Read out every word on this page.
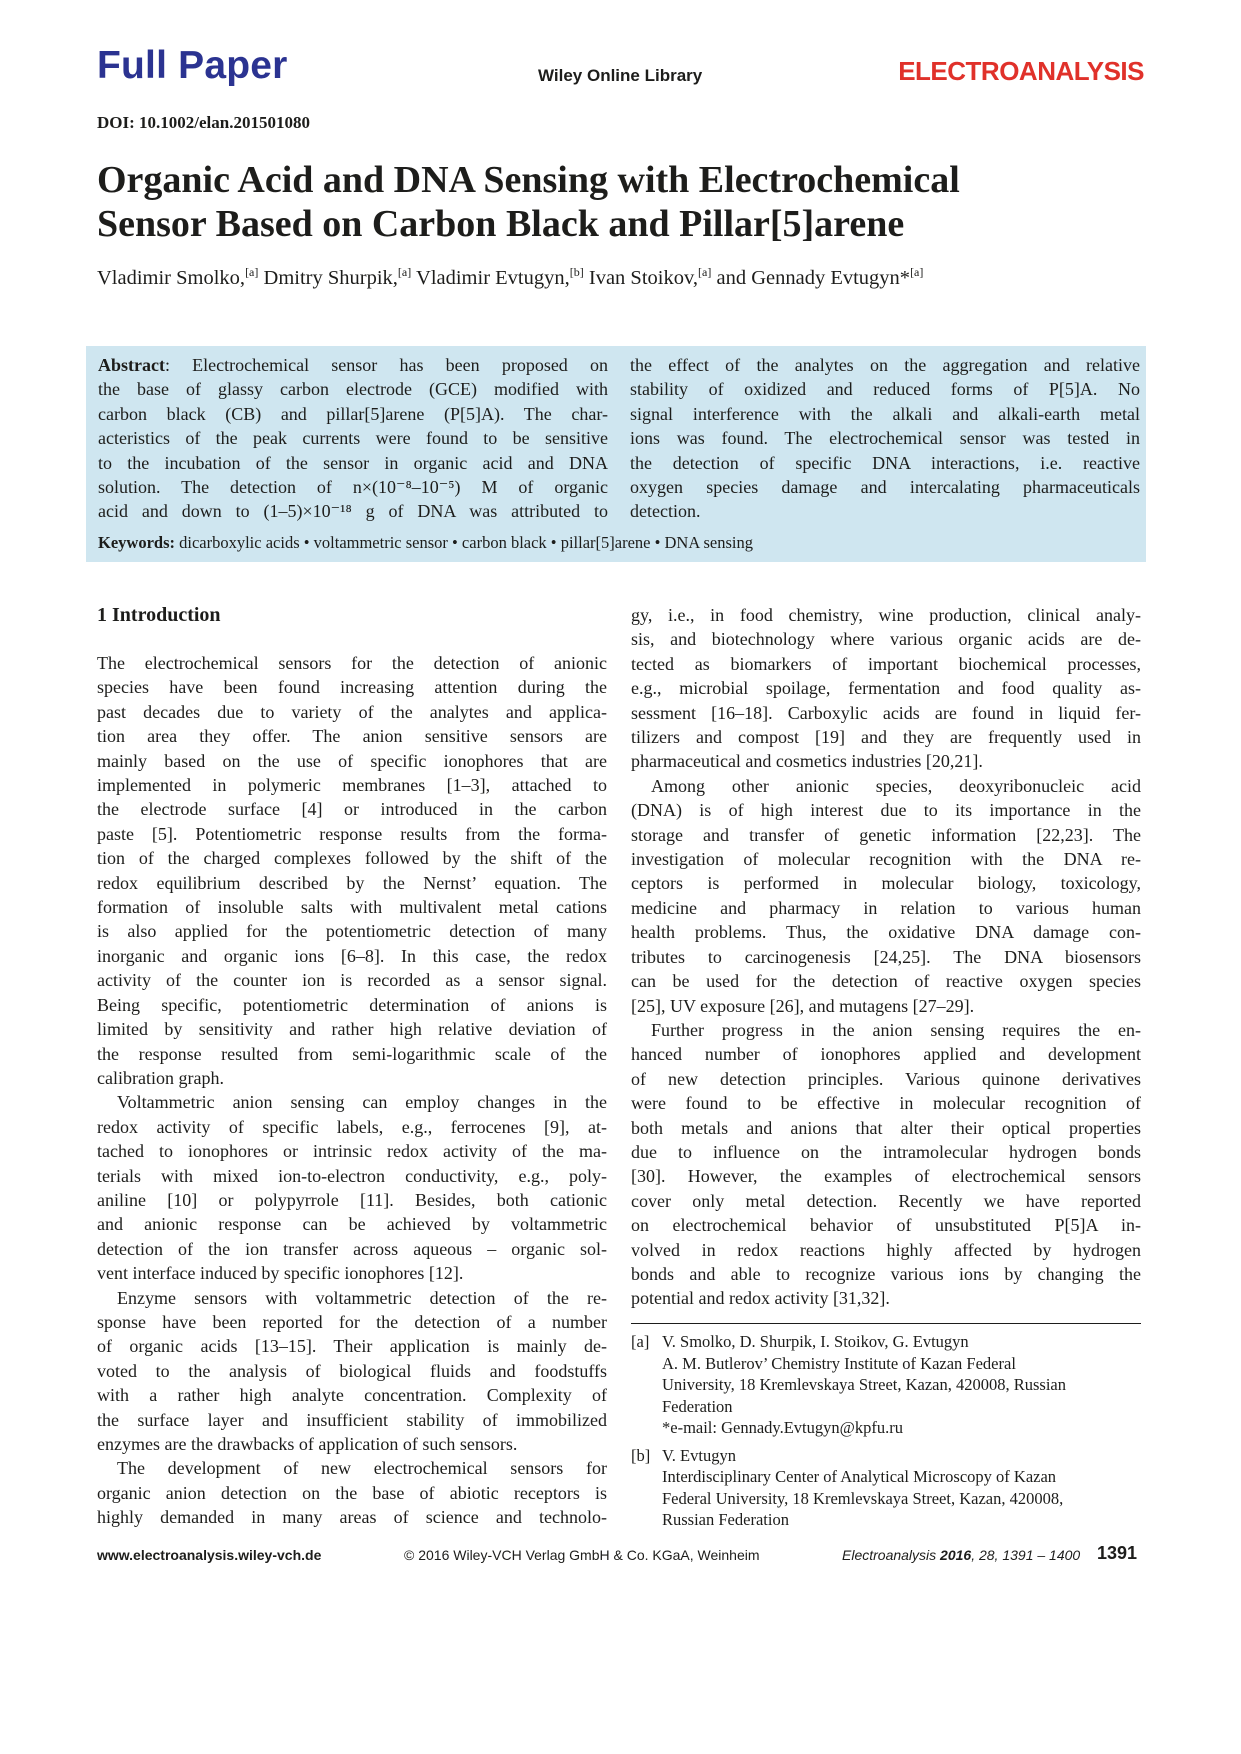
Full Paper	Wiley Online Library	ELECTROANALYSIS
DOI: 10.1002/elan.201501080
Organic Acid and DNA Sensing with Electrochemical
Sensor Based on Carbon Black and Pillar[5]arene
Vladimir Smolko,[a] Dmitry Shurpik,[a] Vladimir Evtugyn,[b] Ivan Stoikov,[a] and Gennady Evtugyn*[a]
Abstract: Electrochemical sensor has been proposed on
the base of glassy carbon electrode (GCE) modified with
carbon black (CB) and pillar[5]arene (P[5]A). The char-
acteristics of the peak currents were found to be sensitive
to the incubation of the sensor in organic acid and DNA
solution. The detection of n×(10⁻⁸–10⁻⁵) M of organic
acid and down to (1–5)×10⁻¹⁸ g of DNA was attributed to
the effect of the analytes on the aggregation and relative
stability of oxidized and reduced forms of P[5]A. No
signal interference with the alkali and alkali-earth metal
ions was found. The electrochemical sensor was tested in
the detection of specific DNA interactions, i.e. reactive
oxygen species damage and intercalating pharmaceuticals
detection.
Keywords: dicarboxylic acids • voltammetric sensor • carbon black • pillar[5]arene • DNA sensing
1 Introduction
The electrochemical sensors for the detection of anionic
species have been found increasing attention during the
past decades due to variety of the analytes and applica-
tion area they offer. The anion sensitive sensors are
mainly based on the use of specific ionophores that are
implemented in polymeric membranes [1–3], attached to
the electrode surface [4] or introduced in the carbon
paste [5]. Potentiometric response results from the forma-
tion of the charged complexes followed by the shift of the
redox equilibrium described by the Nernst’ equation. The
formation of insoluble salts with multivalent metal cations
is also applied for the potentiometric detection of many
inorganic and organic ions [6–8]. In this case, the redox
activity of the counter ion is recorded as a sensor signal.
Being specific, potentiometric determination of anions is
limited by sensitivity and rather high relative deviation of
the response resulted from semi-logarithmic scale of the
calibration graph.
Voltammetric anion sensing can employ changes in the
redox activity of specific labels, e.g., ferrocenes [9], at-
tached to ionophores or intrinsic redox activity of the ma-
terials with mixed ion-to-electron conductivity, e.g., poly-
aniline [10] or polypyrrole [11]. Besides, both cationic
and anionic response can be achieved by voltammetric
detection of the ion transfer across aqueous – organic sol-
vent interface induced by specific ionophores [12].
Enzyme sensors with voltammetric detection of the re-
sponse have been reported for the detection of a number
of organic acids [13–15]. Their application is mainly de-
voted to the analysis of biological fluids and foodstuffs
with a rather high analyte concentration. Complexity of
the surface layer and insufficient stability of immobilized
enzymes are the drawbacks of application of such sensors.
The development of new electrochemical sensors for
organic anion detection on the base of abiotic receptors is
highly demanded in many areas of science and technolo-
gy, i.e., in food chemistry, wine production, clinical analy-
sis, and biotechnology where various organic acids are de-
tected as biomarkers of important biochemical processes,
e.g., microbial spoilage, fermentation and food quality as-
sessment [16–18]. Carboxylic acids are found in liquid fer-
tilizers and compost [19] and they are frequently used in
pharmaceutical and cosmetics industries [20,21].
Among other anionic species, deoxyribonucleic acid
(DNA) is of high interest due to its importance in the
storage and transfer of genetic information [22,23]. The
investigation of molecular recognition with the DNA re-
ceptors is performed in molecular biology, toxicology,
medicine and pharmacy in relation to various human
health problems. Thus, the oxidative DNA damage con-
tributes to carcinogenesis [24,25]. The DNA biosensors
can be used for the detection of reactive oxygen species
[25], UV exposure [26], and mutagens [27–29].
Further progress in the anion sensing requires the en-
hanced number of ionophores applied and development
of new detection principles. Various quinone derivatives
were found to be effective in molecular recognition of
both metals and anions that alter their optical properties
due to influence on the intramolecular hydrogen bonds
[30]. However, the examples of electrochemical sensors
cover only metal detection. Recently we have reported
on electrochemical behavior of unsubstituted P[5]A in-
volved in redox reactions highly affected by hydrogen
bonds and able to recognize various ions by changing the
potential and redox activity [31,32].
[a] V. Smolko, D. Shurpik, I. Stoikov, G. Evtugyn
A. M. Butlerov’ Chemistry Institute of Kazan Federal
University, 18 Kremlevskaya Street, Kazan, 420008, Russian
Federation
*e-mail: Gennady.Evtugyn@kpfu.ru
[b] V. Evtugyn
Interdisciplinary Center of Analytical Microscopy of Kazan
Federal University, 18 Kremlevskaya Street, Kazan, 420008,
Russian Federation
www.electroanalysis.wiley-vch.de	© 2016 Wiley-VCH Verlag GmbH & Co. KGaA, Weinheim	Electroanalysis 2016, 28, 1391 – 1400 1391
